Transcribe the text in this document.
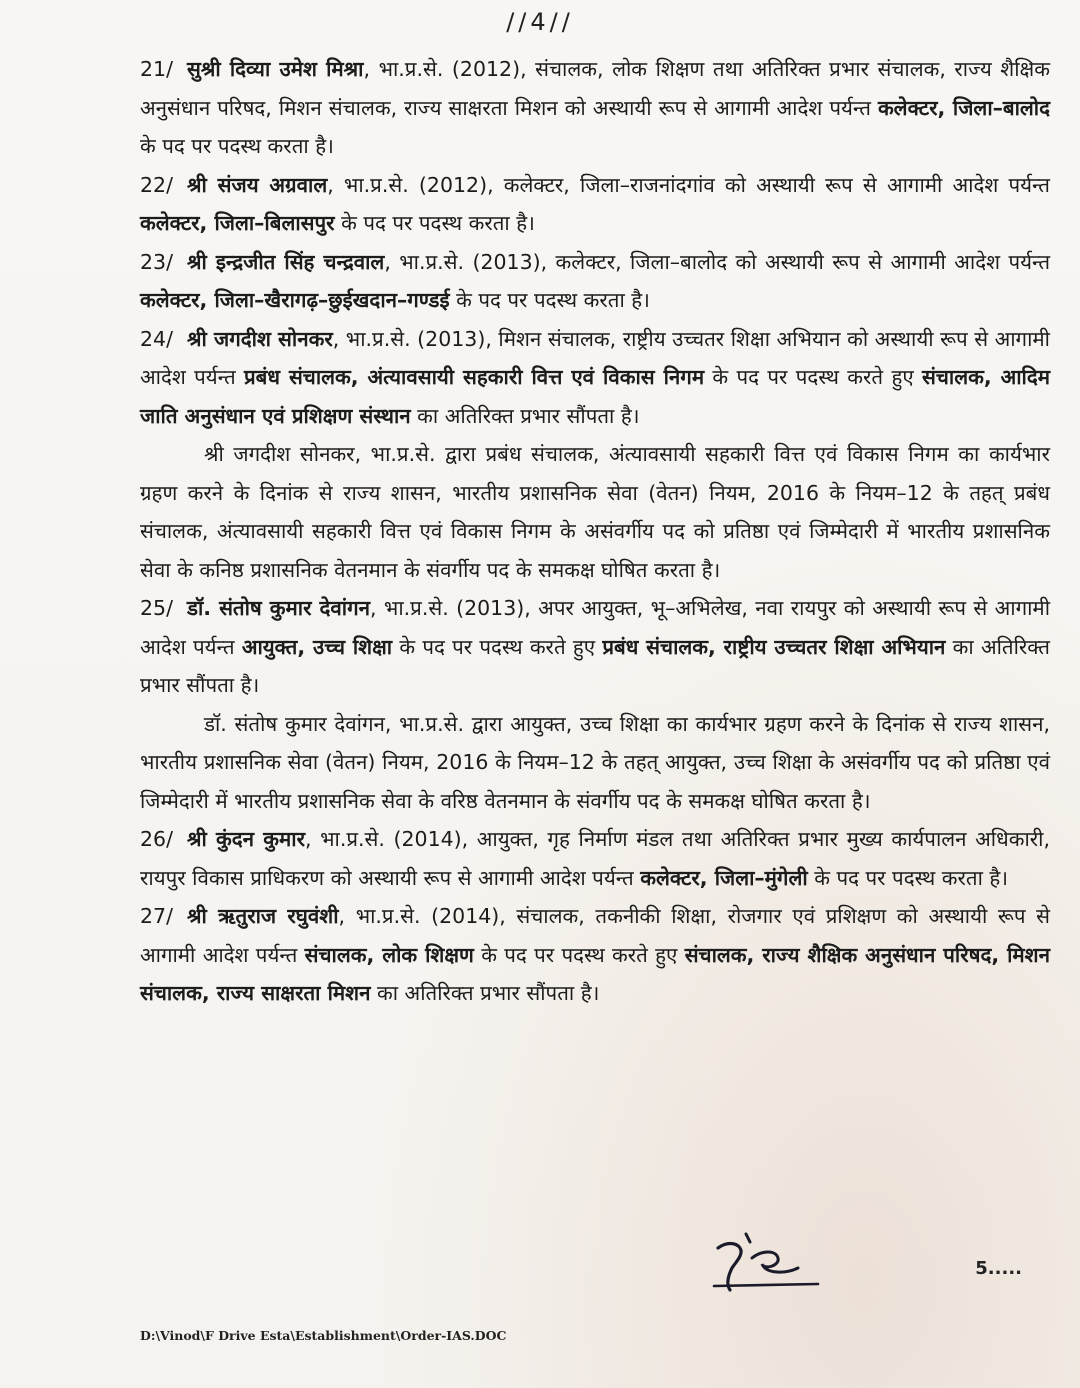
//4//

21/ सुश्री दिव्या उमेश मिश्रा, भा.प्र.से. (2012), संचालक, लोक शिक्षण तथा अतिरिक्त प्रभार संचालक, राज्य शैक्षिक अनुसंधान परिषद, मिशन संचालक, राज्य साक्षरता मिशन को अस्थायी रूप से आगामी आदेश पर्यन्त कलेक्टर, जिला–बालोद के पद पर पदस्थ करता है।

22/ श्री संजय अग्रवाल, भा.प्र.से. (2012), कलेक्टर, जिला–राजनांदगांव को अस्थायी रूप से आगामी आदेश पर्यन्त कलेक्टर, जिला–बिलासपुर के पद पर पदस्थ करता है।

23/ श्री इन्द्रजीत सिंह चन्द्रवाल, भा.प्र.से. (2013), कलेक्टर, जिला–बालोद को अस्थायी रूप से आगामी आदेश पर्यन्त कलेक्टर, जिला–खैरागढ़–छुईखदान–गण्डई के पद पर पदस्थ करता है।

24/ श्री जगदीश सोनकर, भा.प्र.से. (2013), मिशन संचालक, राष्ट्रीय उच्चतर शिक्षा अभियान को अस्थायी रूप से आगामी आदेश पर्यन्त प्रबंध संचालक, अंत्यावसायी सहकारी वित्त एवं विकास निगम के पद पर पदस्थ करते हुए संचालक, आदिम जाति अनुसंधान एवं प्रशिक्षण संस्थान का अतिरिक्त प्रभार सौंपता है।

श्री जगदीश सोनकर, भा.प्र.से. द्वारा प्रबंध संचालक, अंत्यावसायी सहकारी वित्त एवं विकास निगम का कार्यभार ग्रहण करने के दिनांक से राज्य शासन, भारतीय प्रशासनिक सेवा (वेतन) नियम, 2016 के नियम–12 के तहत् प्रबंध संचालक, अंत्यावसायी सहकारी वित्त एवं विकास निगम के असंवर्गीय पद को प्रतिष्ठा एवं जिम्मेदारी में भारतीय प्रशासनिक सेवा के कनिष्ठ प्रशासनिक वेतनमान के संवर्गीय पद के समकक्ष घोषित करता है।

25/ डॉ. संतोष कुमार देवांगन, भा.प्र.से. (2013), अपर आयुक्त, भू–अभिलेख, नवा रायपुर को अस्थायी रूप से आगामी आदेश पर्यन्त आयुक्त, उच्च शिक्षा के पद पर पदस्थ करते हुए प्रबंध संचालक, राष्ट्रीय उच्चतर शिक्षा अभियान का अतिरिक्त प्रभार सौंपता है।

डॉ. संतोष कुमार देवांगन, भा.प्र.से. द्वारा आयुक्त, उच्च शिक्षा का कार्यभार ग्रहण करने के दिनांक से राज्य शासन, भारतीय प्रशासनिक सेवा (वेतन) नियम, 2016 के नियम–12 के तहत् आयुक्त, उच्च शिक्षा के असंवर्गीय पद को प्रतिष्ठा एवं जिम्मेदारी में भारतीय प्रशासनिक सेवा के वरिष्ठ वेतनमान के संवर्गीय पद के समकक्ष घोषित करता है।

26/ श्री कुंदन कुमार, भा.प्र.से. (2014), आयुक्त, गृह निर्माण मंडल तथा अतिरिक्त प्रभार मुख्य कार्यपालन अधिकारी, रायपुर विकास प्राधिकरण को अस्थायी रूप से आगामी आदेश पर्यन्त कलेक्टर, जिला–मुंगेली के पद पर पदस्थ करता है।

27/ श्री ऋतुराज रघुवंशी, भा.प्र.से. (2014), संचालक, तकनीकी शिक्षा, रोजगार एवं प्रशिक्षण को अस्थायी रूप से आगामी आदेश पर्यन्त संचालक, लोक शिक्षण के पद पर पदस्थ करते हुए संचालक, राज्य शैक्षिक अनुसंधान परिषद, मिशन संचालक, राज्य साक्षरता मिशन का अतिरिक्त प्रभार सौंपता है।

5.....
D:\Vinod\F Drive Esta\Establishment\Order-IAS.DOC
